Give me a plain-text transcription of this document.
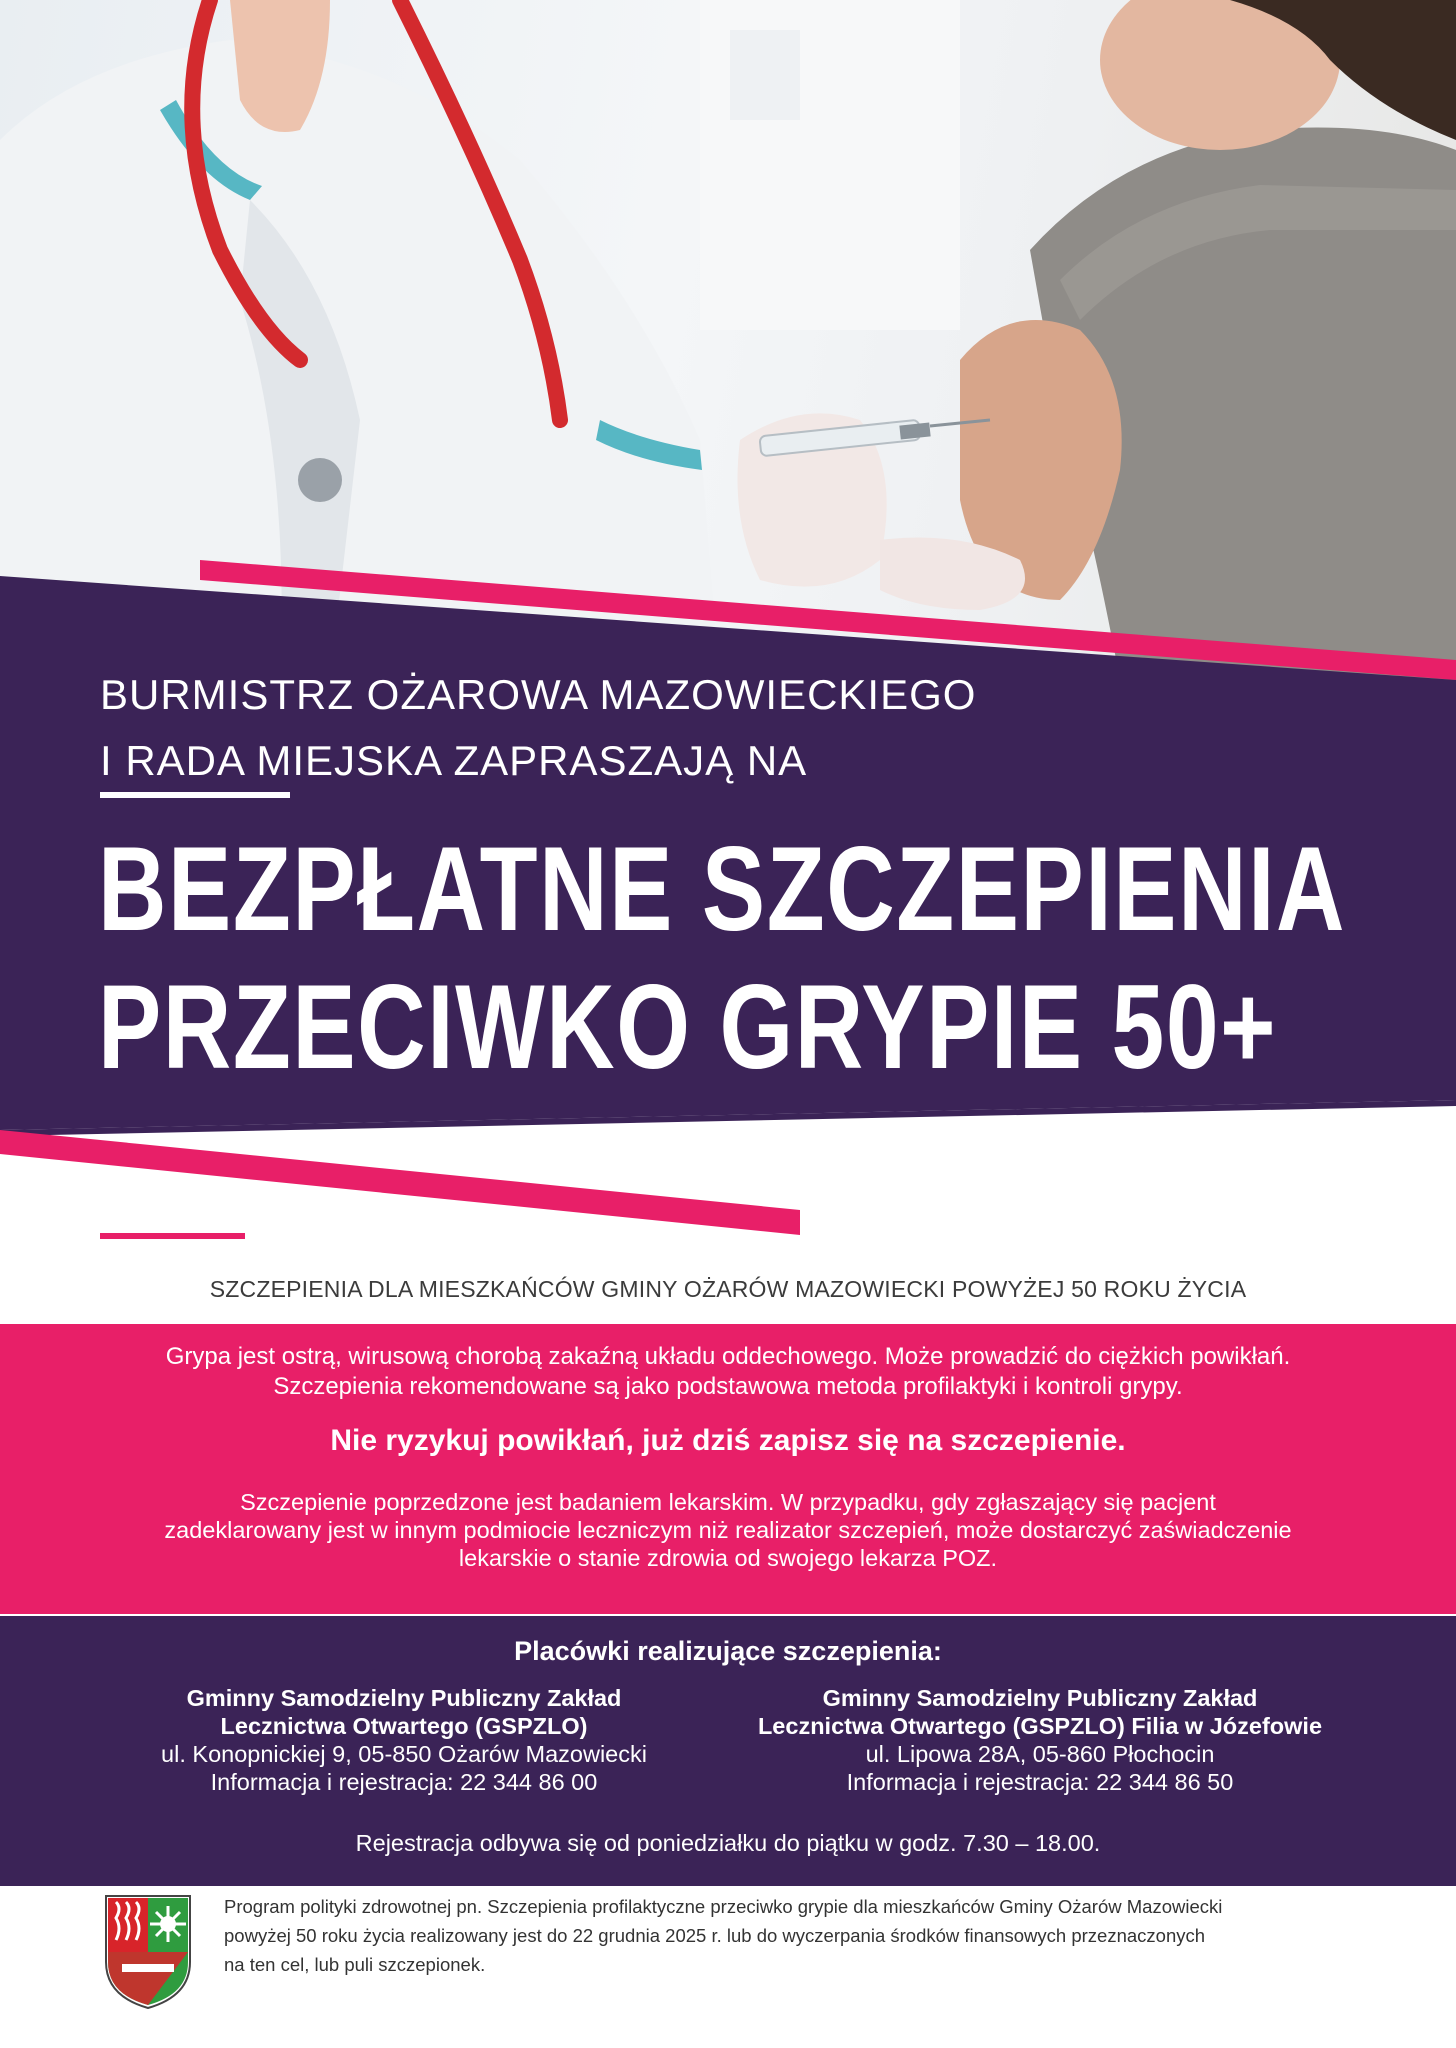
BURMISTRZ OŻAROWA MAZOWIECKIEGO
I RADA MIEJSKA ZAPRASZAJĄ NA
BEZPŁATNE SZCZEPIENIA
PRZECIWKO GRYPIE 50+

SZCZEPIENIA DLA MIESZKAŃCÓW GMINY OŻARÓW MAZOWIECKI POWYŻEJ 50 ROKU ŻYCIA

Grypa jest ostrą, wirusową chorobą zakaźną układu oddechowego. Może prowadzić do ciężkich powikłań.
Szczepienia rekomendowane są jako podstawowa metoda profilaktyki i kontroli grypy.

Nie ryzykuj powikłań, już dziś zapisz się na szczepienie.

Szczepienie poprzedzone jest badaniem lekarskim. W przypadku, gdy zgłaszający się pacjent
zadeklarowany jest w innym podmiocie leczniczym niż realizator szczepień, może dostarczyć zaświadczenie
lekarskie o stanie zdrowia od swojego lekarza POZ.

Placówki realizujące szczepienia:

Gminny Samodzielny Publiczny Zakład
Lecznictwa Otwartego (GSPZLO)
ul. Konopnickiej 9, 05-850 Ożarów Mazowiecki
Informacja i rejestracja: 22 344 86 00
Gminny Samodzielny Publiczny Zakład
Lecznictwa Otwartego (GSPZLO) Filia w Józefowie
ul. Lipowa 28A, 05-860 Płochocin
Informacja i rejestracja: 22 344 86 50

Rejestracja odbywa się od poniedziałku do piątku w godz. 7.30 – 18.00.

Program polityki zdrowotnej pn. Szczepienia profilaktyczne przeciwko grypie dla mieszkańców Gminy Ożarów Mazowiecki
powyżej 50 roku życia realizowany jest do 22 grudnia 2025 r. lub do wyczerpania środków finansowych przeznaczonych
na ten cel, lub puli szczepionek.
